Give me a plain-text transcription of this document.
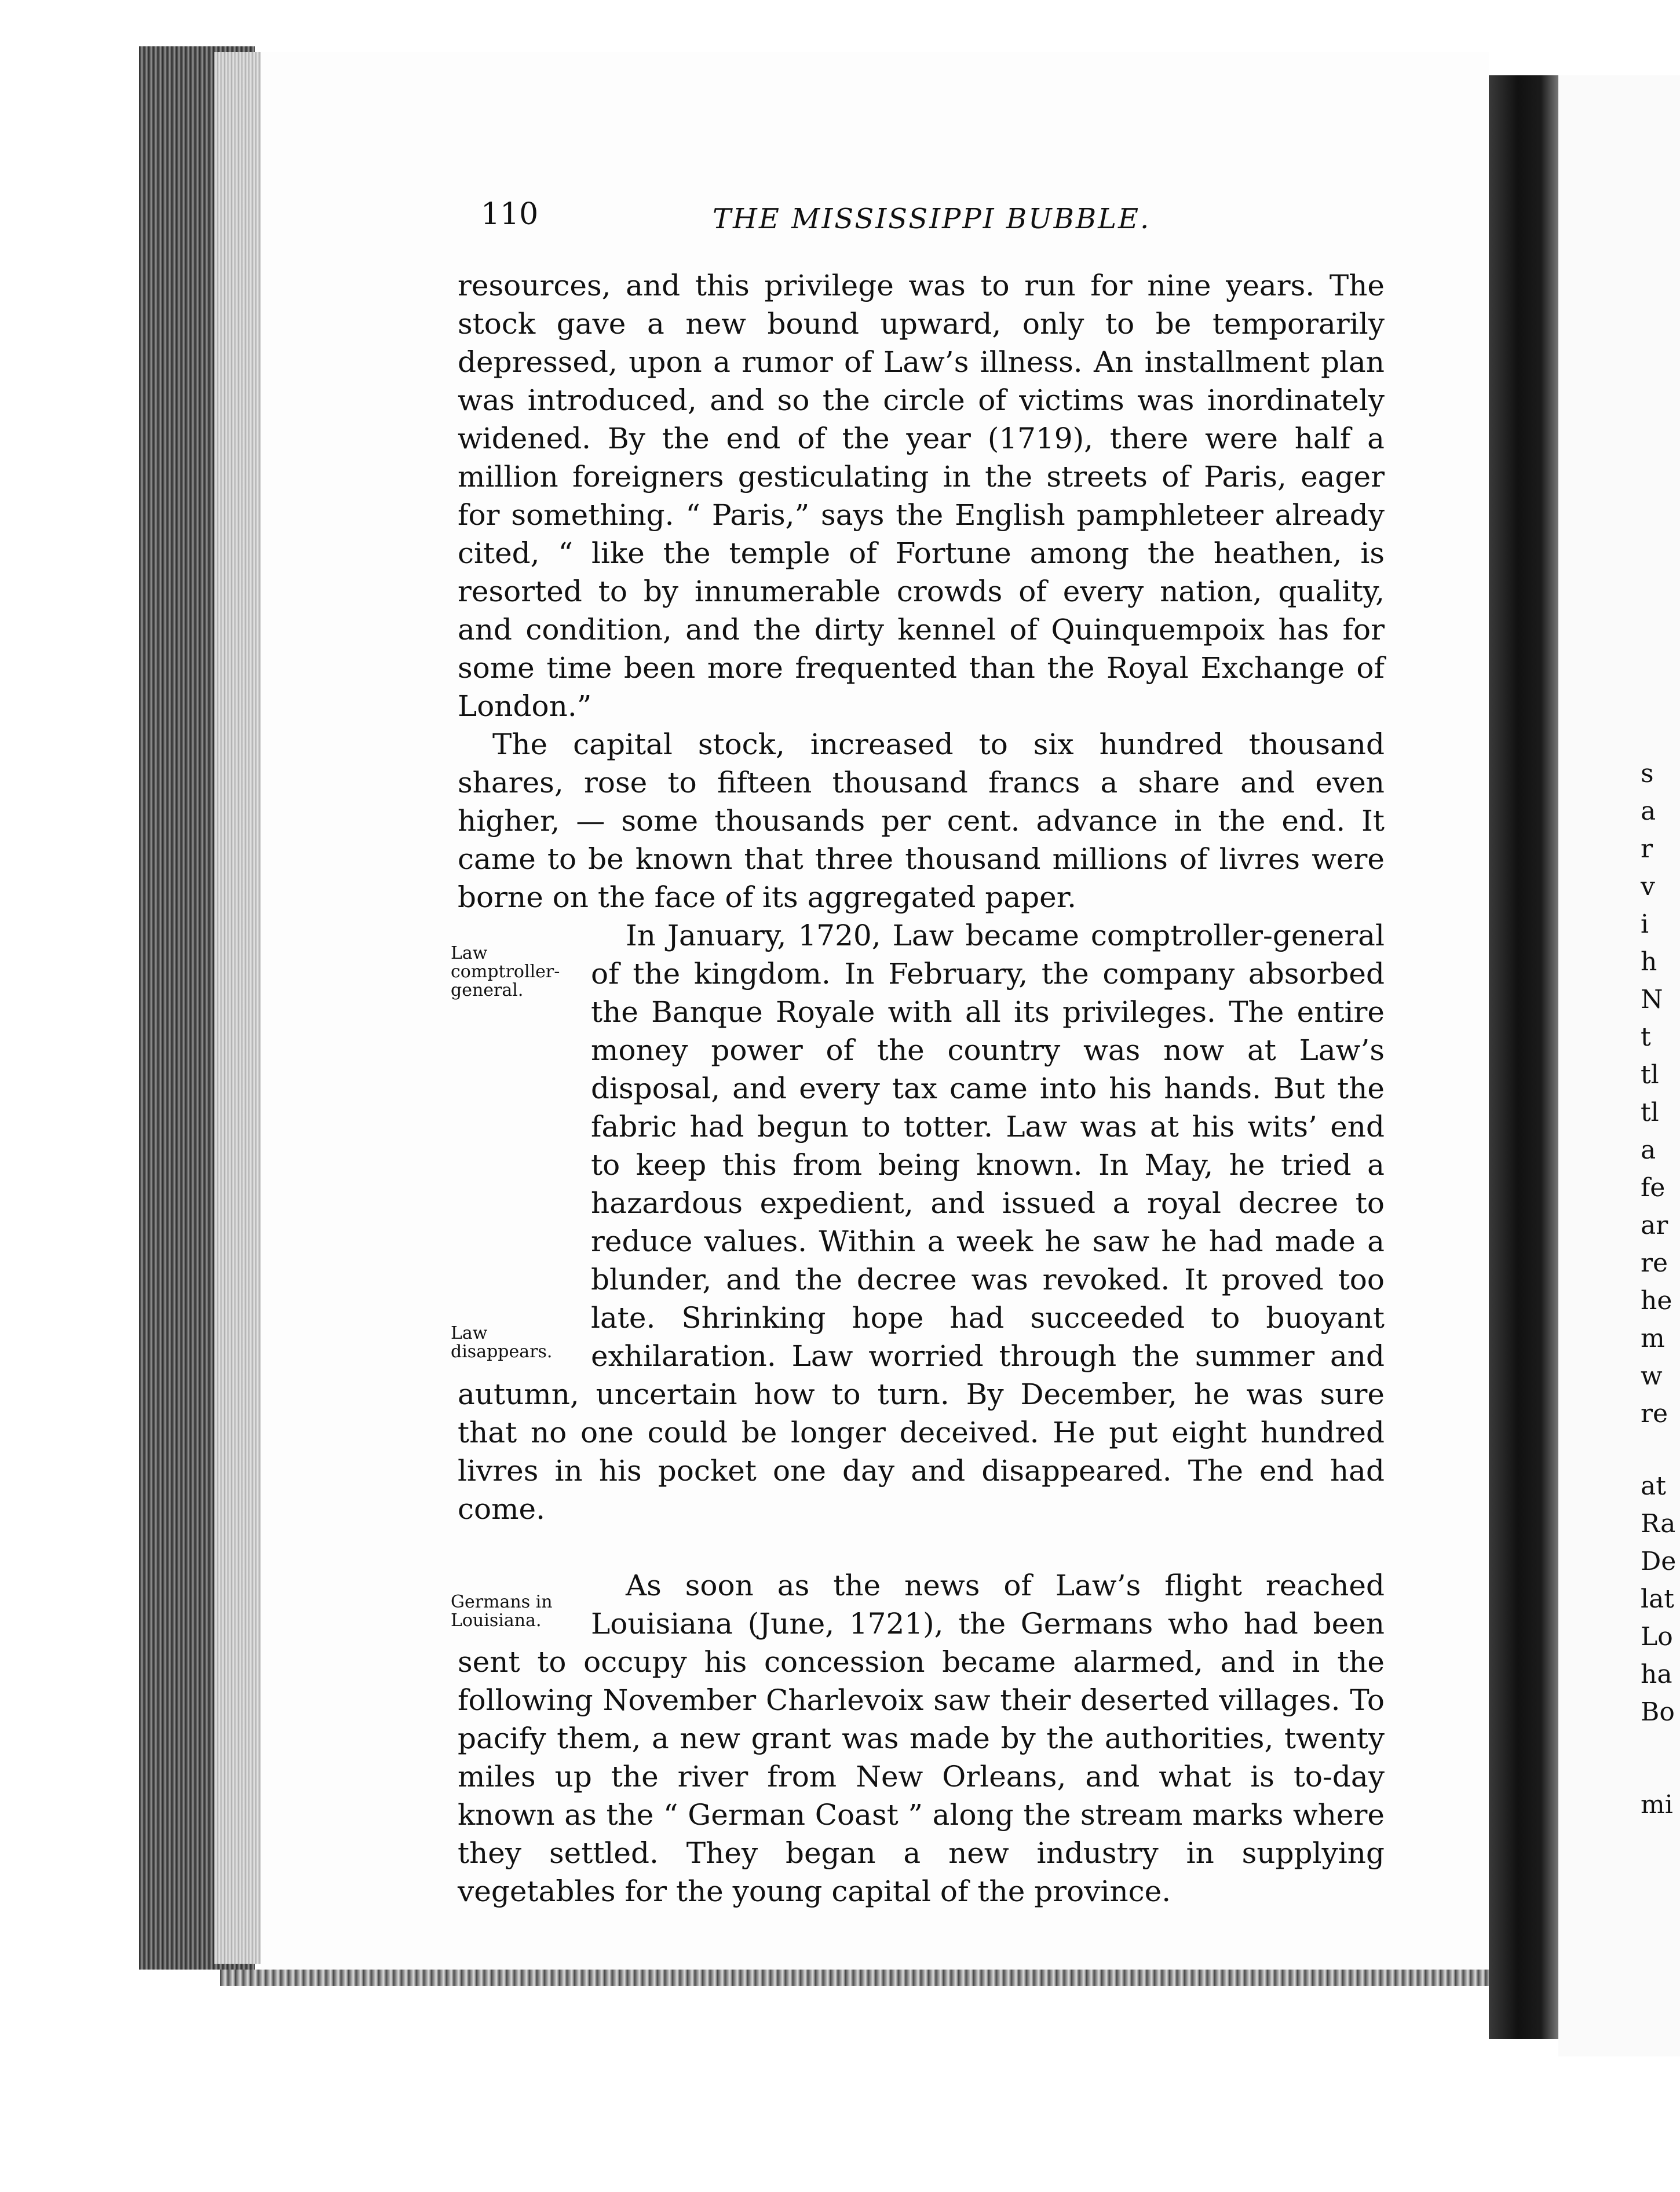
s
a
r
v
i
h
N
t
tl
tl
a
fe
ar
re
he
m
w
re
at
Ra
De
lat
Lo
ha
Bo
mi
110	THE MISSISSIPPI BUBBLE.

resources, and this privilege was to run for nine years. The stock gave a new bound upward, only to be temporarily depressed, upon a rumor of Law’s illness. An installment plan was introduced, and so the circle of victims was inordinately widened. By the end of the year (1719), there were half a million foreigners gesticulating in the streets of Paris, eager for something. “ Paris,” says the English pamphleteer already cited, “ like the temple of Fortune among the heathen, is resorted to by innumerable crowds of every nation, quality, and condition, and the dirty kennel of Quinquempoix has for some time been more frequented than the Royal Exchange of London.”

The capital stock, increased to six hundred thousand shares, rose to fifteen thousand francs a share and even higher, — some thousands per cent. advance in the end. It came to be known that three thousand millions of livres were borne on the face of its aggregated paper.

Law comptroller-general.
Law disappears.
In January, 1720, Law became comptroller-general of the kingdom. In February, the company absorbed the Banque Royale with all its privileges. The entire money power of the country was now at Law’s disposal, and every tax came into his hands. But the fabric had begun to totter. Law was at his wits’ end to keep this from being known. In May, he tried a hazardous expedient, and issued a royal decree to reduce values. Within a week he saw he had made a blunder, and the decree was revoked. It proved too late. Shrinking hope had succeeded to buoyant exhilaration. Law worried through the summer and autumn, uncertain how to turn. By December, he was sure that no one could be longer deceived. He put eight hundred livres in his pocket one day and disappeared. The end had come.

Germans in Louisiana.
As soon as the news of Law’s flight reached Louisiana (June, 1721), the Germans who had been sent to occupy his concession became alarmed, and in the following November Charlevoix saw their deserted villages. To pacify them, a new grant was made by the authorities, twenty miles up the river from New Orleans, and what is to-day known as the “ German Coast ” along the stream marks where they settled. They began a new industry in supplying vegetables for the young capital of the province.
